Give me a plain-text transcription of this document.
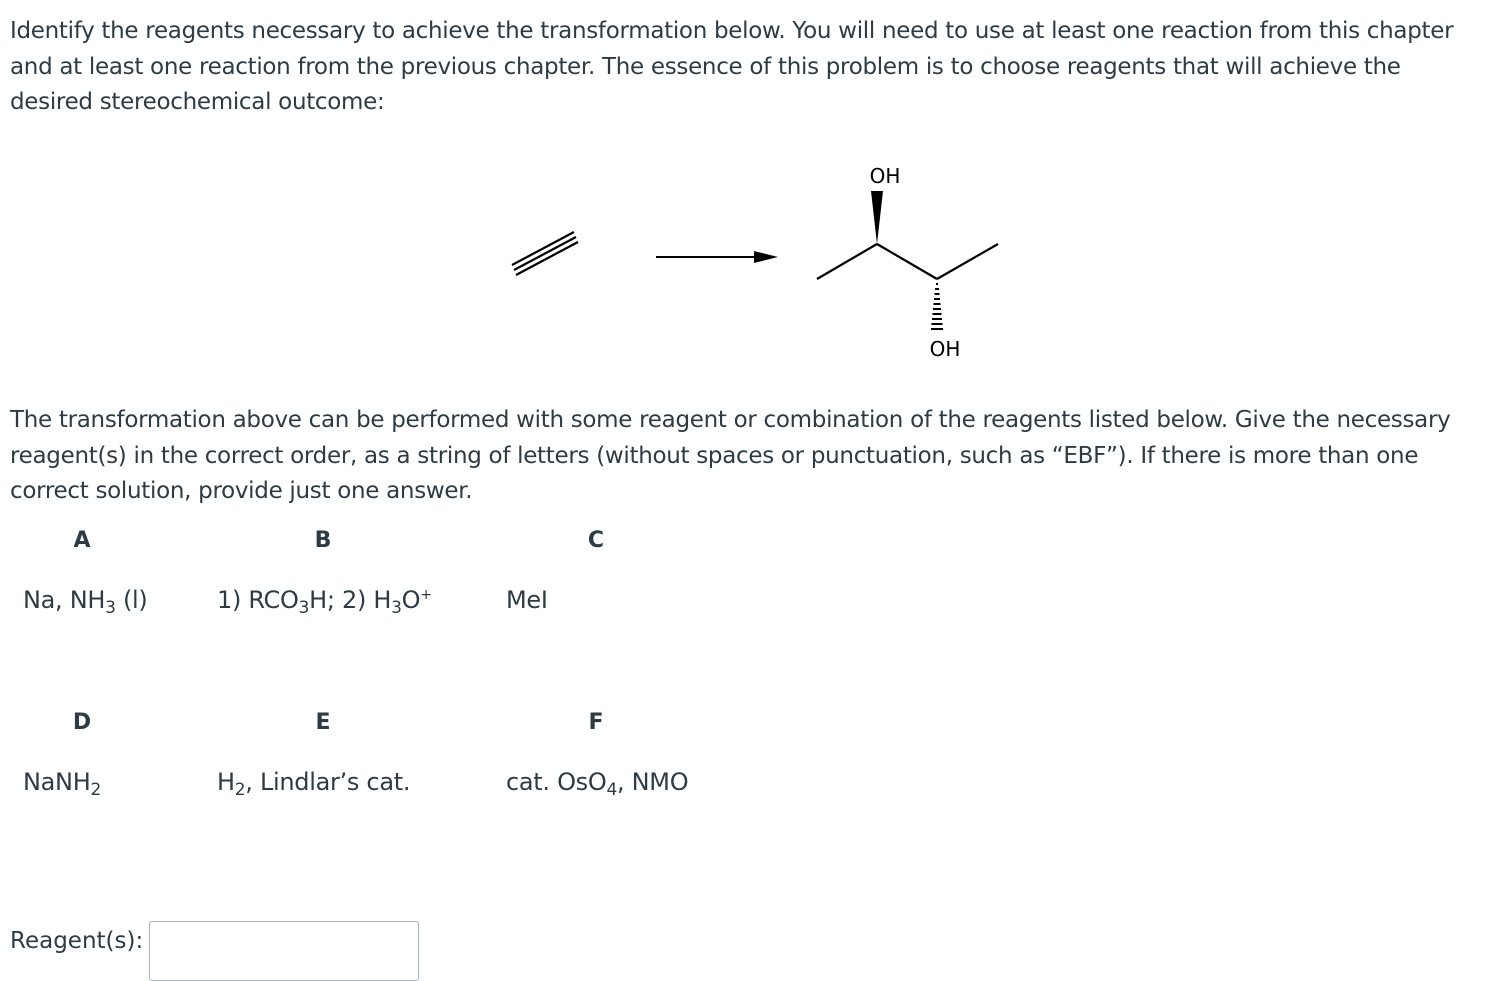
Identify the reagents necessary to achieve the transformation below. You will need to use at least one reaction from this chapter and at least one reaction from the previous chapter. The essence of this problem is to choose reagents that will achieve the desired stereochemical outcome:

OH
OH

The transformation above can be performed with some reagent or combination of the reagents listed below. Give the necessary reagent(s) in the correct order, as a string of letters (without spaces or punctuation, such as “EBF”). If there is more than one correct solution, provide just one answer.

A	B	C
Na, $NH_3$ (l)	1) $RCO_3H$; 2) $H_3O^+$	MeI
D	E	F
NaNH$_2$	$H_2$, Lindlar’s cat.	cat. OsO$_4$, NMO
Reagent(s):
